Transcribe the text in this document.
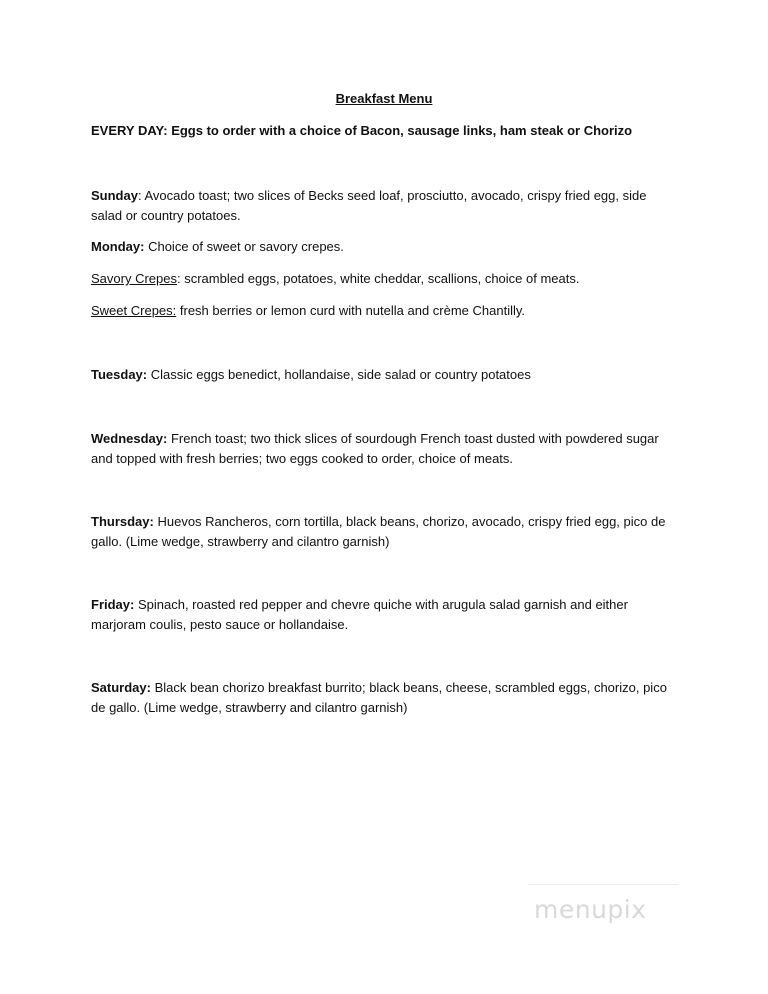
Breakfast Menu
EVERY DAY: Eggs to order with a choice of Bacon, sausage links, ham steak or Chorizo
Sunday: Avocado toast; two slices of Becks seed loaf, prosciutto, avocado, crispy fried egg, side salad or country potatoes.
Monday: Choice of sweet or savory crepes.
Savory Crepes: scrambled eggs, potatoes, white cheddar, scallions, choice of meats.
Sweet Crepes: fresh berries or lemon curd with nutella and crème Chantilly.
Tuesday: Classic eggs benedict, hollandaise, side salad or country potatoes
Wednesday: French toast; two thick slices of sourdough French toast dusted with powdered sugar and topped with fresh berries; two eggs cooked to order, choice of meats.
Thursday: Huevos Rancheros, corn tortilla, black beans, chorizo, avocado, crispy fried egg, pico de gallo. (Lime wedge, strawberry and cilantro garnish)
Friday: Spinach, roasted red pepper and chevre quiche with arugula salad garnish and either marjoram coulis, pesto sauce or hollandaise.
Saturday: Black bean chorizo breakfast burrito; black beans, cheese, scrambled eggs, chorizo, pico de gallo. (Lime wedge, strawberry and cilantro garnish)
menupix
